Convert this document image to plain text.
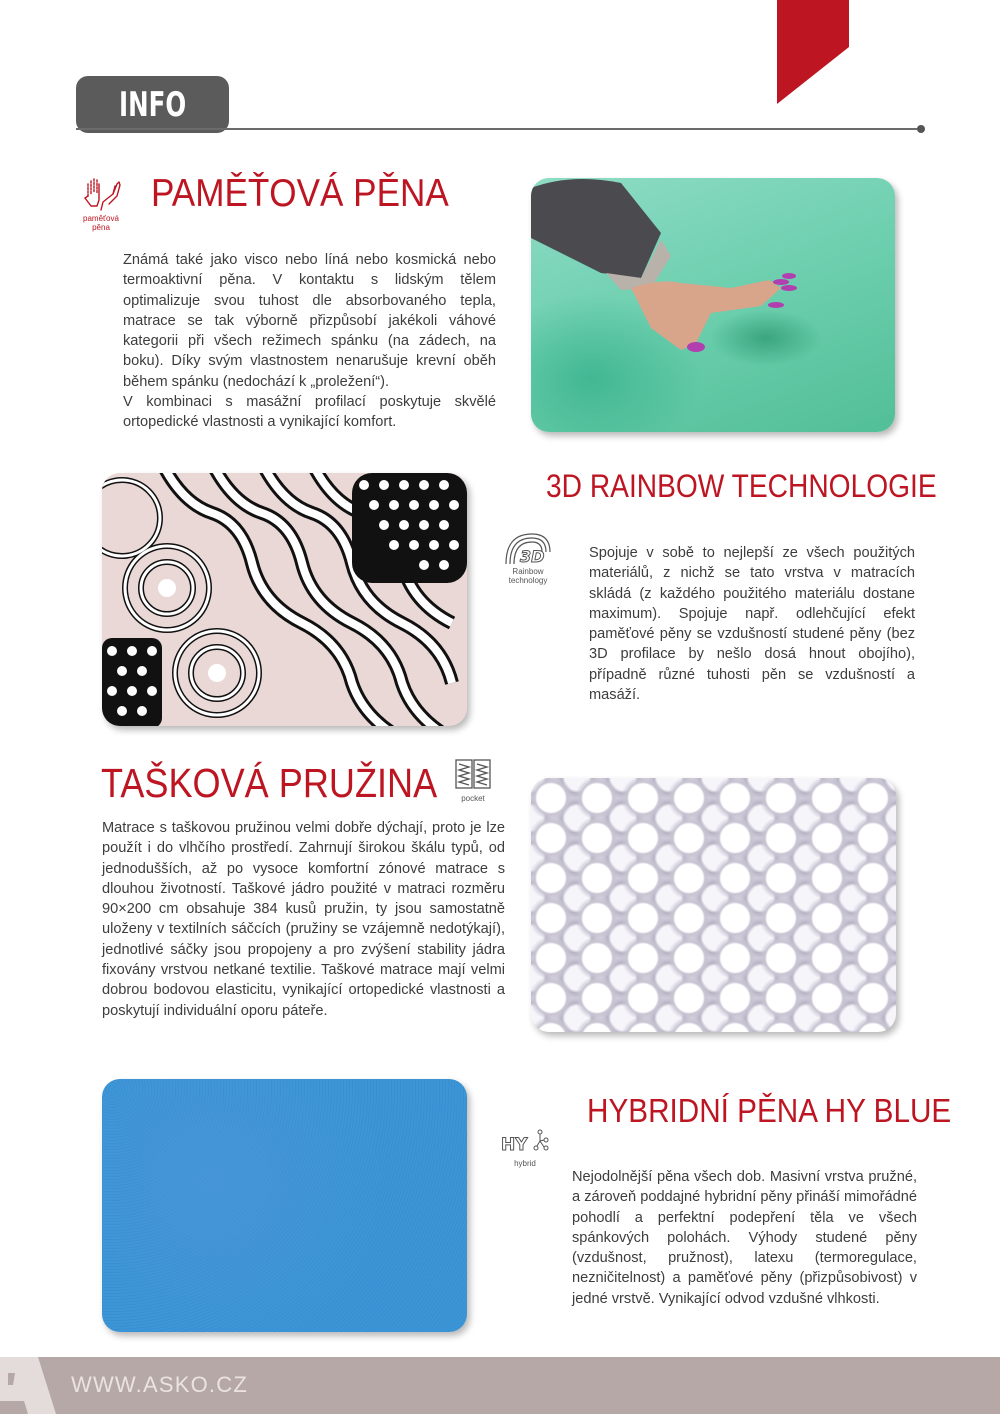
INFO
paměťová
pěna
PAMĚŤOVÁ PĚNA

Známá také jako visco nebo líná nebo kosmická nebo termoaktivní pěna. V kontaktu s lidským tělem optimalizuje svou tuhost dle absorbovaného tepla, matrace se tak výborně přizpůsobí jakékoli váhové kategorii při všech režimech spánku (na zádech, na boku). Díky svým vlastnostem nenarušuje krevní oběh během spánku (nedochází k „proležení“).

V kombinaci s masážní profilací poskytuje skvělé ortopedické vlastnosti a vynikající komfort.

3D RAINBOW TECHNOLOGIE
3D
Rainbow
technology

Spojuje v sobě to nejlepší ze všech použitých materiálů, z nichž se tato vrstva v matracích skládá (z každého použitého materiálu dostane maximum). Spojuje např. odlehčující efekt paměťové pěny se vzdušností studené pěny (bez 3D profilace by nešlo dosá hnout obojího), případně různé tuhosti pěn se vzdušností a masáží.

TAŠKOVÁ PRUŽINA	pocket

Matrace s taškovou pružinou velmi dobře dýchají, proto je lze použít i do vlhčího prostředí. Zahrnují širokou škálu typů, od jednodušších, až po vysoce komfortní zónové matrace s dlouhou životností. Taškové jádro použité v matraci rozměru 90×200 cm obsahuje 384 kusů pružin, ty jsou samostatně uloženy v textilních sáčcích (pružiny se vzájemně nedotýkají), jednotlivé sáčky jsou propojeny a pro zvýšení stability jádra fixovány vrstvou netkané textilie. Taškové matrace mají velmi dobrou bodovou elasticitu, vynikající ortopedické vlastnosti a poskytují individuální oporu páteře.

HYBRIDNÍ PĚNA HY BLUE
HY
hybrid

Nejodolnější pěna všech dob. Masivní vrstva pružné, a zároveň poddajné hybridní pěny přináší mimořádné pohodlí a perfektní podepření těla ve všech spánkových polohách. Výhody studené pěny (vzdušnost, pružnost), latexu (termoregulace, nezničitelnost) a paměťové pěny (přizpůsobivost) v jedné vrstvě. Vynikající odvod vzdušné vlhkosti.

WWW.ASKO.CZ
